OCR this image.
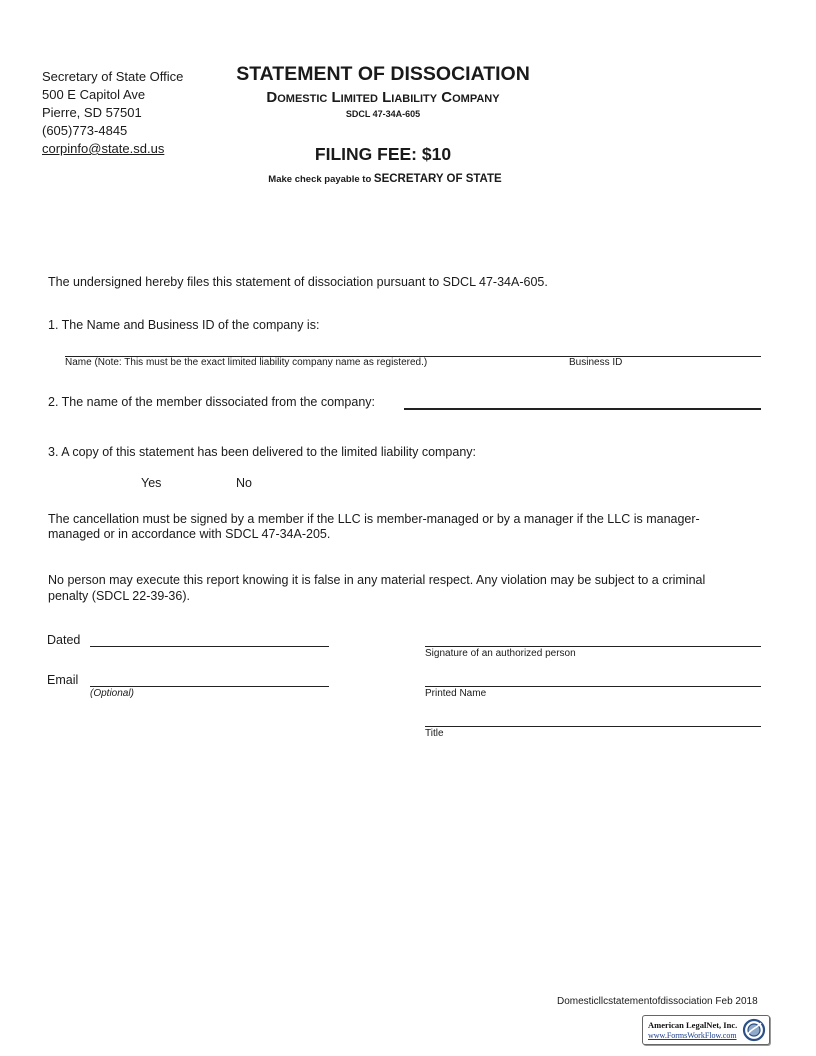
Secretary of State Office
500 E Capitol Ave
Pierre, SD 57501
(605)773-4845
corpinfo@state.sd.us
STATEMENT OF DISSOCIATION
Domestic Limited Liability Company
SDCL 47-34A-605
FILING FEE: $10
Make check payable to SECRETARY OF STATE
The undersigned hereby files this statement of dissociation pursuant to SDCL 47-34A-605.
1. The Name and Business ID of the company is:
Name (Note: This must be the exact limited liability company name as registered.)	Business ID
2. The name of the member dissociated from the company:
3. A copy of this statement has been delivered to the limited liability company:
Yes	No
The cancellation must be signed by a member if the LLC is member-managed or by a manager if the LLC is manager-
managed or in accordance with SDCL 47-34A-205.
No person may execute this report knowing it is false in any material respect. Any violation may be subject to a criminal
penalty (SDCL 22-39-36).
Dated
Email
(Optional)
Signature of an authorized person
Printed Name
Title
Domesticllcstatementofdissociation Feb 2018
American LegalNet, Inc.
www.FormsWorkFlow.com
